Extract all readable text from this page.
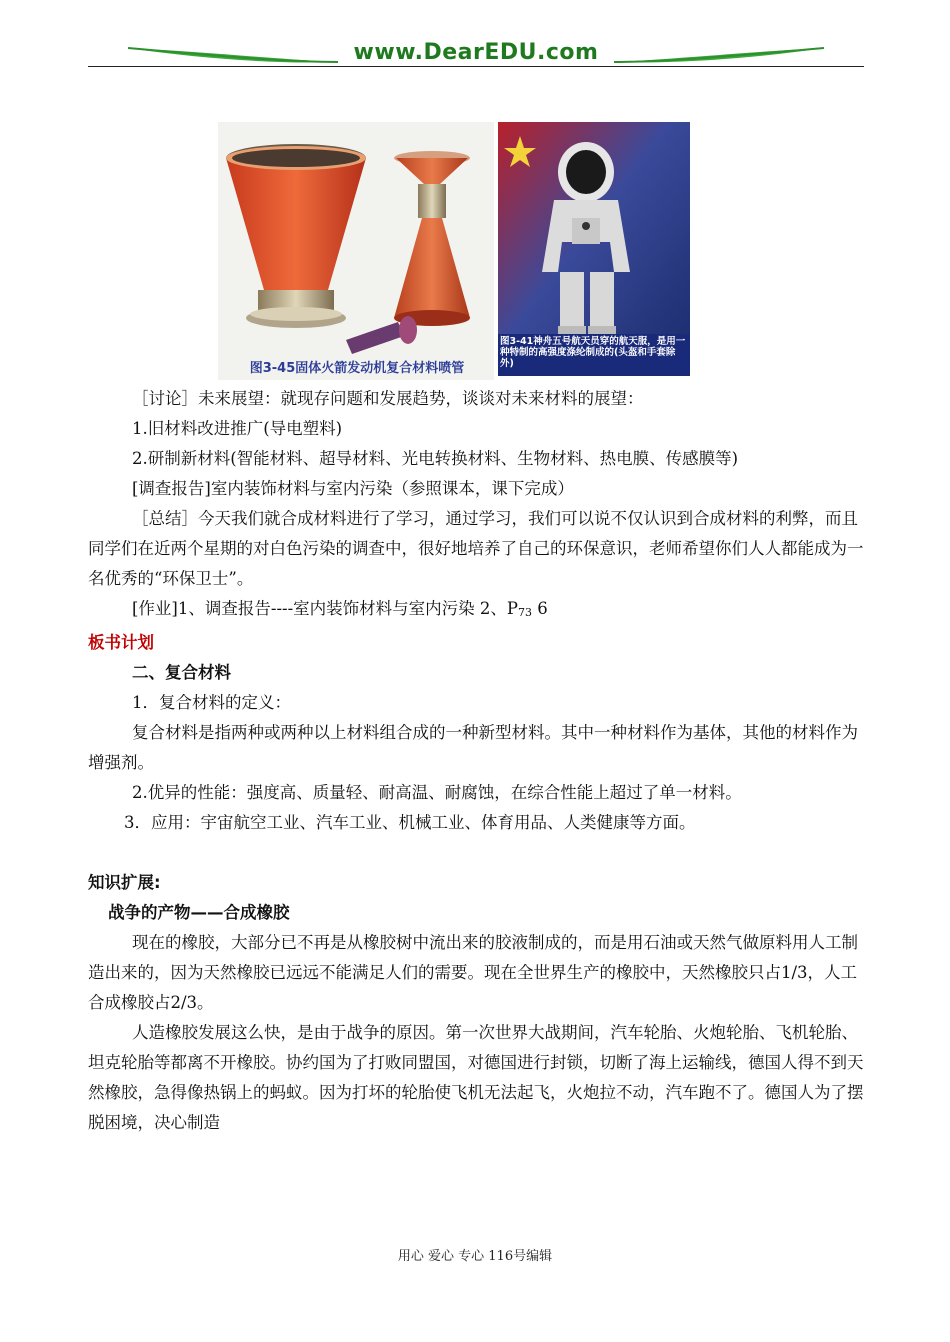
www.DearEDU.com
图3-45固体火箭发动机复合材料喷管
图3-41神舟五号航天员穿的航天服，是用一种特制的高强度涤纶制成的(头盔和手套除外)

［讨论］未来展望：就现存问题和发展趋势，谈谈对未来材料的展望：

1.旧材料改进推广(导电塑料)

2.研制新材料(智能材料、超导材料、光电转换材料、生物材料、热电膜、传感膜等)

[调查报告]室内装饰材料与室内污染（参照课本，课下完成）

［总结］今天我们就合成材料进行了学习，通过学习，我们可以说不仅认识到合成材料的利弊，而且同学们在近两个星期的对白色污染的调查中，很好地培养了自己的环保意识，老师希望你们人人都能成为一名优秀的“环保卫士”。

[作业]1、调查报告----室内装饰材料与室内污染 2、$P_{73}$ 6

板书计划

二、复合材料

1．复合材料的定义：

复合材料是指两种或两种以上材料组合成的一种新型材料。其中一种材料作为基体，其他的材料作为增强剂。

2.优异的性能：强度高、质量轻、耐高温、耐腐蚀，在综合性能上超过了单一材料。

3．应用：宇宙航空工业、汽车工业、机械工业、体育用品、人类健康等方面。

知识扩展:

战争的产物——合成橡胶

现在的橡胶，大部分已不再是从橡胶树中流出来的胶液制成的，而是用石油或天然气做原料用人工制造出来的，因为天然橡胶已远远不能满足人们的需要。现在全世界生产的橡胶中，天然橡胶只占1/3，人工合成橡胶占2/3。

人造橡胶发展这么快，是由于战争的原因。第一次世界大战期间，汽车轮胎、火炮轮胎、飞机轮胎、坦克轮胎等都离不开橡胶。协约国为了打败同盟国，对德国进行封锁，切断了海上运输线，德国人得不到天然橡胶，急得像热锅上的蚂蚁。因为打坏的轮胎使飞机无法起飞，火炮拉不动，汽车跑不了。德国人为了摆脱困境，决心制造

用心 爱心 专心 116号编辑
